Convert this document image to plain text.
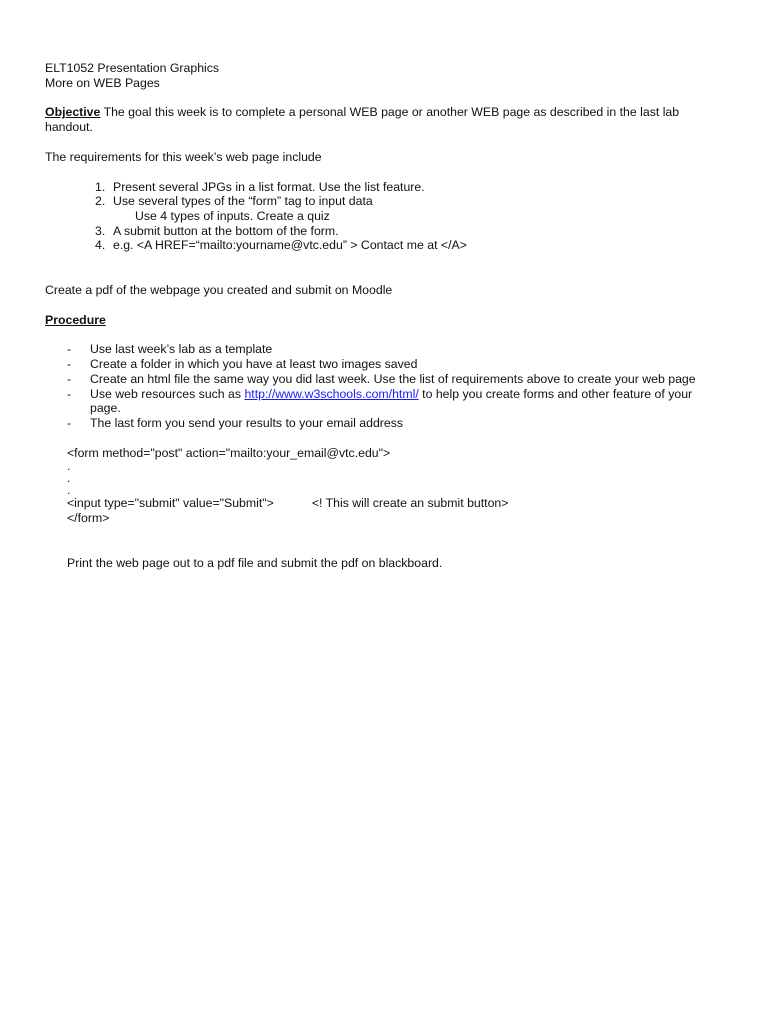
ELT1052 Presentation Graphics
More on WEB Pages
Objective The goal this week is to complete a personal WEB page or another WEB page as described in the last lab handout.
The requirements for this week’s web page include
1. Present several JPGs in a list format. Use the list feature.
2. Use several types of the “form” tag to input data
Use 4 types of inputs. Create a quiz
3. A submit button at the bottom of the form.
4. e.g. <A HREF=“mailto:yourname@vtc.edu” > Contact me at </A>
Create a pdf of the webpage you created and submit on Moodle
Procedure
- Use last week’s lab as a template
- Create a folder in which you have at least two images saved
- Create an html file the same way you did last week. Use the list of requirements above to create your web page
- Use web resources such as http://www.w3schools.com/html/ to help you create forms and other feature of your page.
- The last form you send your results to your email address
<form method="post" action="mailto:your_email@vtc.edu">
.
.
.
<input type="submit" value="Submit">	<! This will create an submit button>
</form>
Print the web page out to a pdf file and submit the pdf on blackboard.
